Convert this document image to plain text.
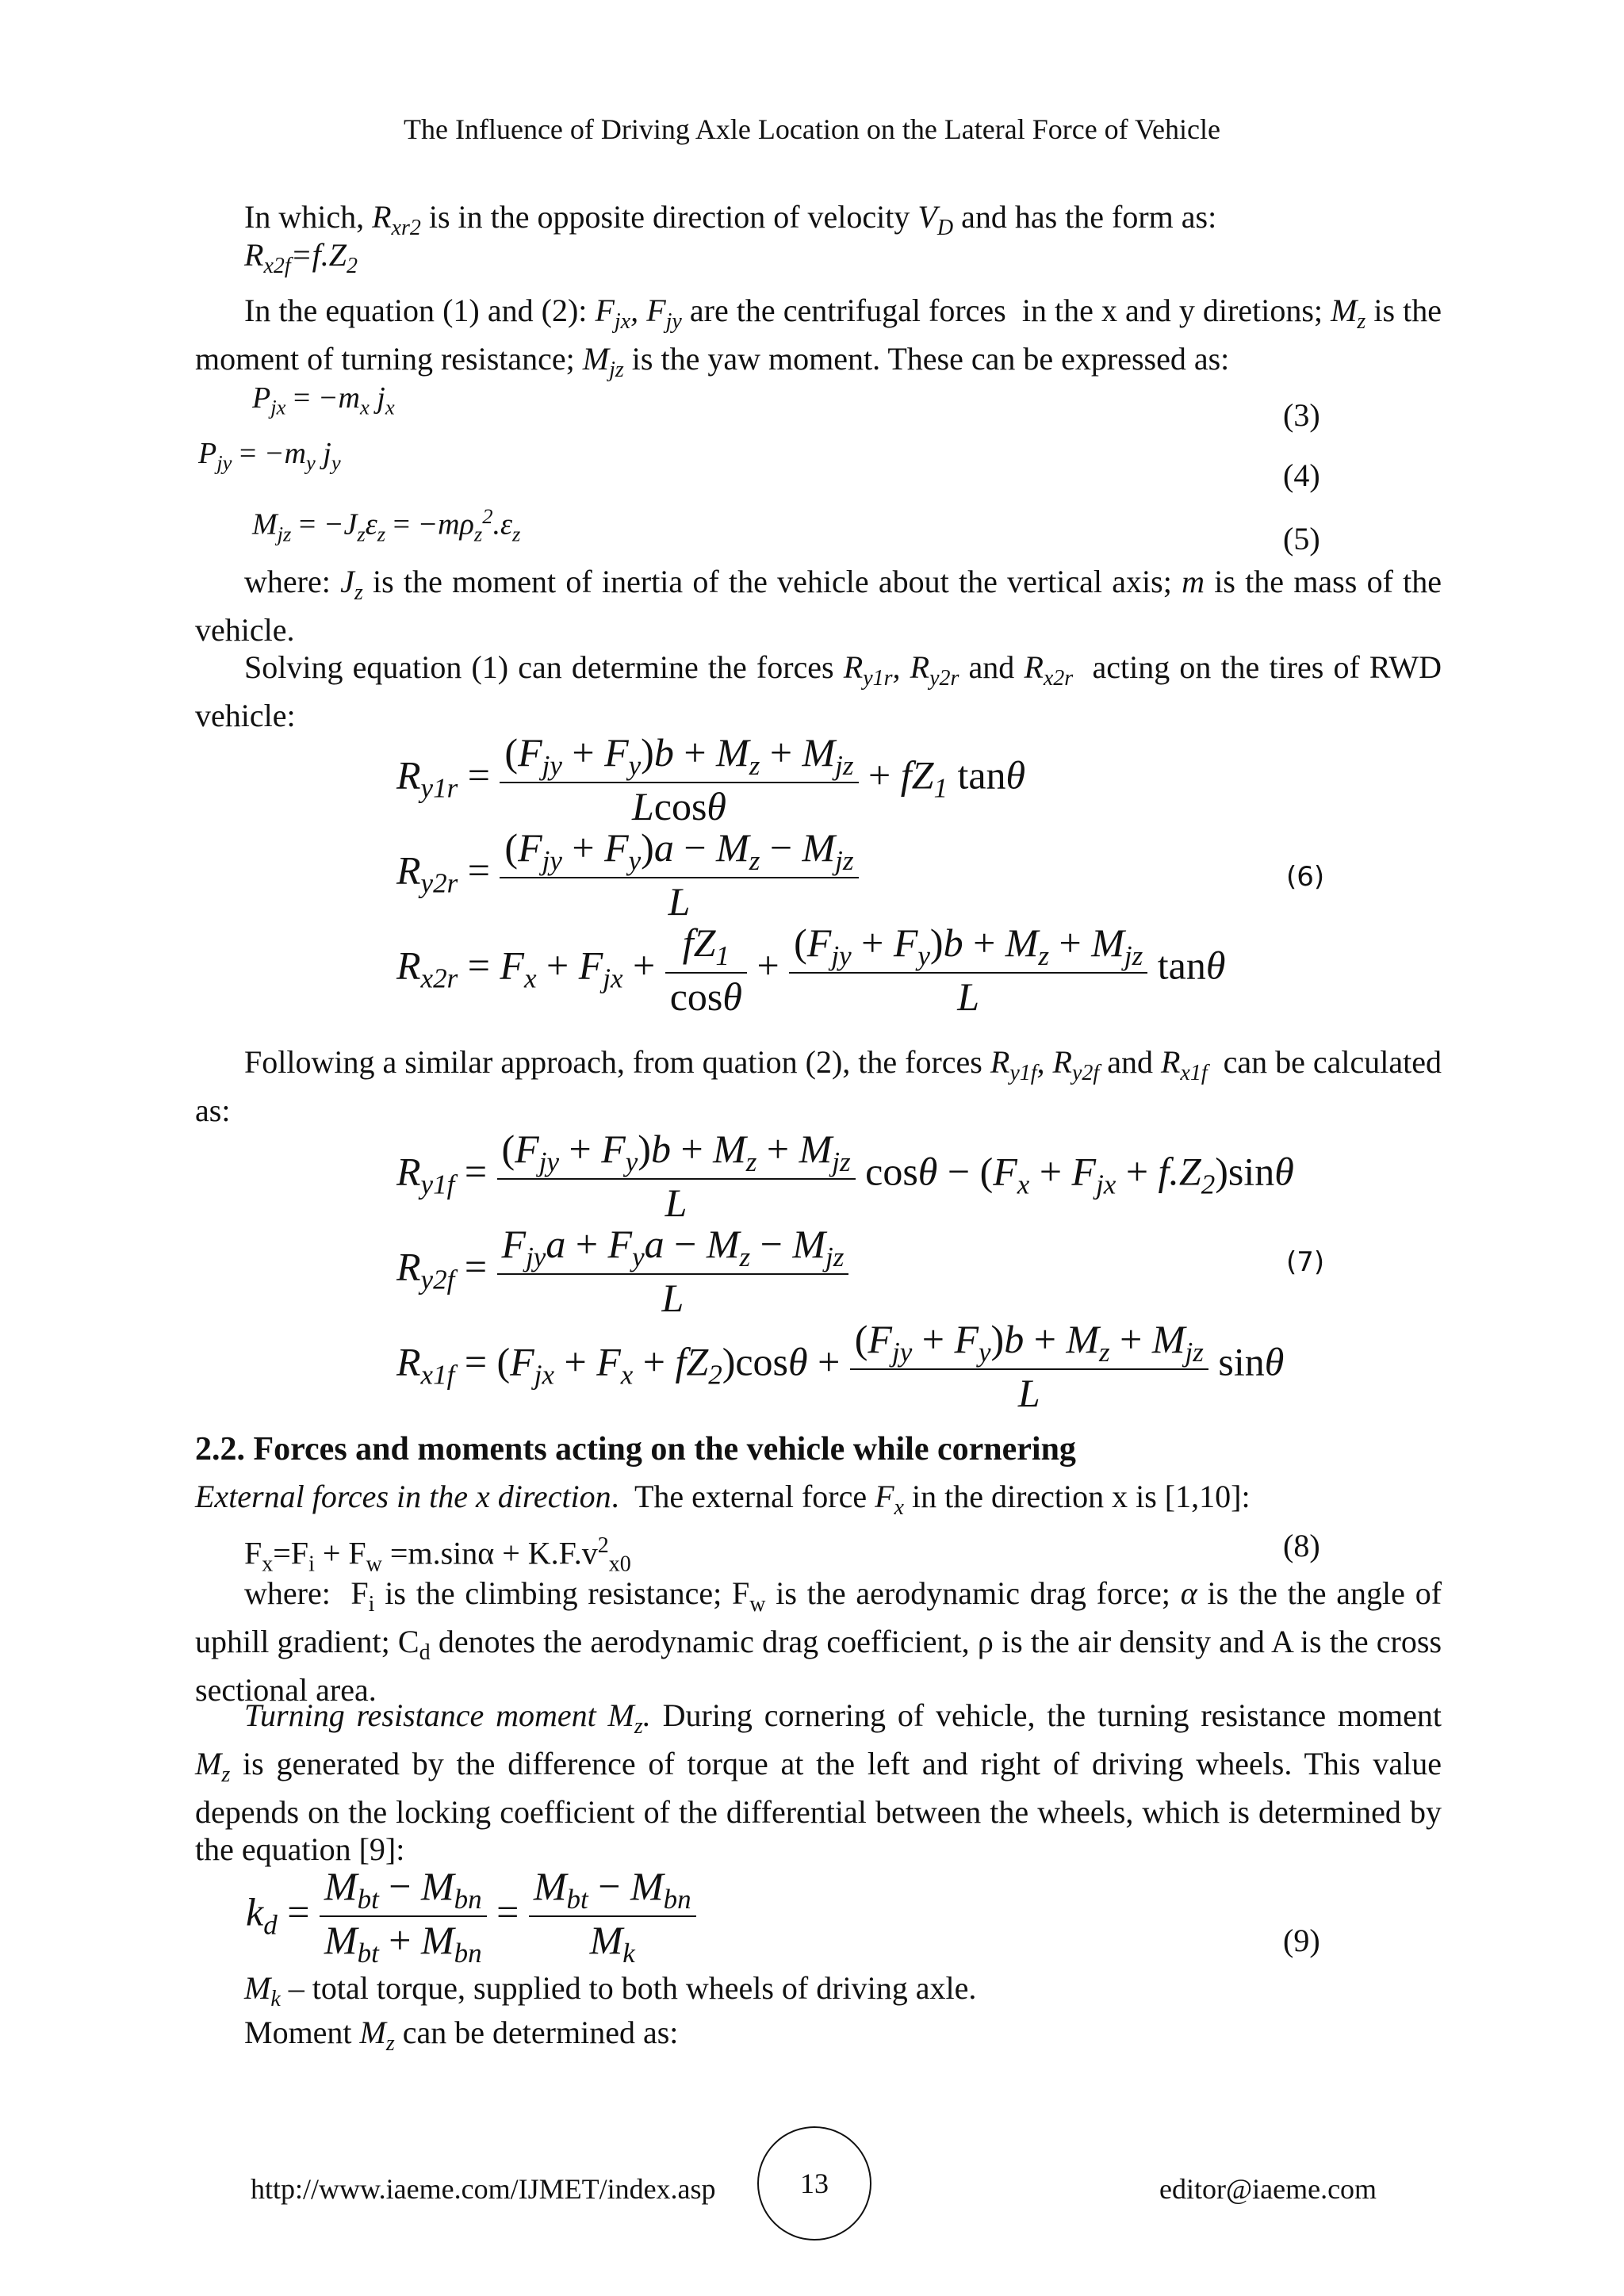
The Influence of Driving Axle Location on the Lateral Force of Vehicle
In which, $R_{xr2}$ is in the opposite direction of velocity $V_D$ and has the form as:
$R_{x2f}=f.Z_2$
In the equation (1) and (2): $F_{jx}$, $F_{jy}$ are the centrifugal forces  in the x and y diretions; $M_z$ is the moment of turning resistance; $M_{jz}$ is the yaw moment. These can be expressed as:
$P_{jx} = -m_x$ $j_x$	(3)
$P_{jy} = -m_y$ $j_y$	(4)
$M_{jz} = -J_z\varepsilon_z = -m\rho_z^2.\varepsilon_z$	(5)
where: $J_z$ is the moment of inertia of the vehicle about the vertical axis; m is the mass of the vehicle.
Solving equation (1) can determine the forces $R_{y1r}$, $R_{y2r}$ and $R_{x2r}$  acting on the tires of RWD vehicle:
$R_{y1r} = \frac{(F_{jy} + F_y)b + M_z + M_{jz}}{Lcos\theta} + fZ_1$ tanθ
$R_{y2r} = \frac{(F_{jy} + F_y)a - M_z - M_{jz}}{L}$	(6)
$R_{x2r} = F_x + F_{jx} + \frac{fZ_1}{\cos\theta} + \frac{(F_{jy} + F_y)b + M_z + M_{jz}}{L}$ tanθ
Following a similar approach, from quation (2), the forces $R_{y1f}$, $R_{y2f}$ and $R_{x1f}$  can be calculated as:
$R_{y1f} = \frac{(F_{jy} + F_y)b + M_z + M_{jz}}{L}$ $\cos\theta - (F_x + F_{jx} + f.Z_2)\sin\theta$
$R_{y2f} = \frac{F_{jy}a + F_ya - M_z - M_{jz}}{L}$	(7)
$R_{x1f} = (F_{jx} + F_x + fZ_2)\cos\theta + \frac{(F_{jy} + F_y)b + M_z + M_{jz}}{L}$ sinθ
2.2. Forces and moments acting on the vehicle while cornering
External forces in the x direction.  The external force $F_x$ in the direction x is [1,10]:
$F_x=F_i + F_w =m.\sin\alpha + K.F.v^2_{x0}$
(8)
where:  $F_i$ is the climbing resistance; $F_w$ is the aerodynamic drag force; α is the the angle of uphill gradient; $C_d$ denotes the aerodynamic drag coefficient, ρ is the air density and A is the cross sectional area.
Turning resistance moment $M_z$. During cornering of vehicle, the turning resistance moment $M_z$ is generated by the difference of torque at the left and right of driving wheels. This value depends on the locking coefficient of the differential between the wheels, which is determined by the equation [9]:
$k_d = \frac{M_{bt} - M_{bn}}{M_{bt} + M_{bn}} = \frac{M_{bt} - M_{bn}}{M_k}$	(9)
$M_k$ – total torque, supplied to both wheels of driving axle.
Moment $M_z$ can be determined as:
http://www.iaeme.com/IJMET/index.asp	13	editor@iaeme.com
